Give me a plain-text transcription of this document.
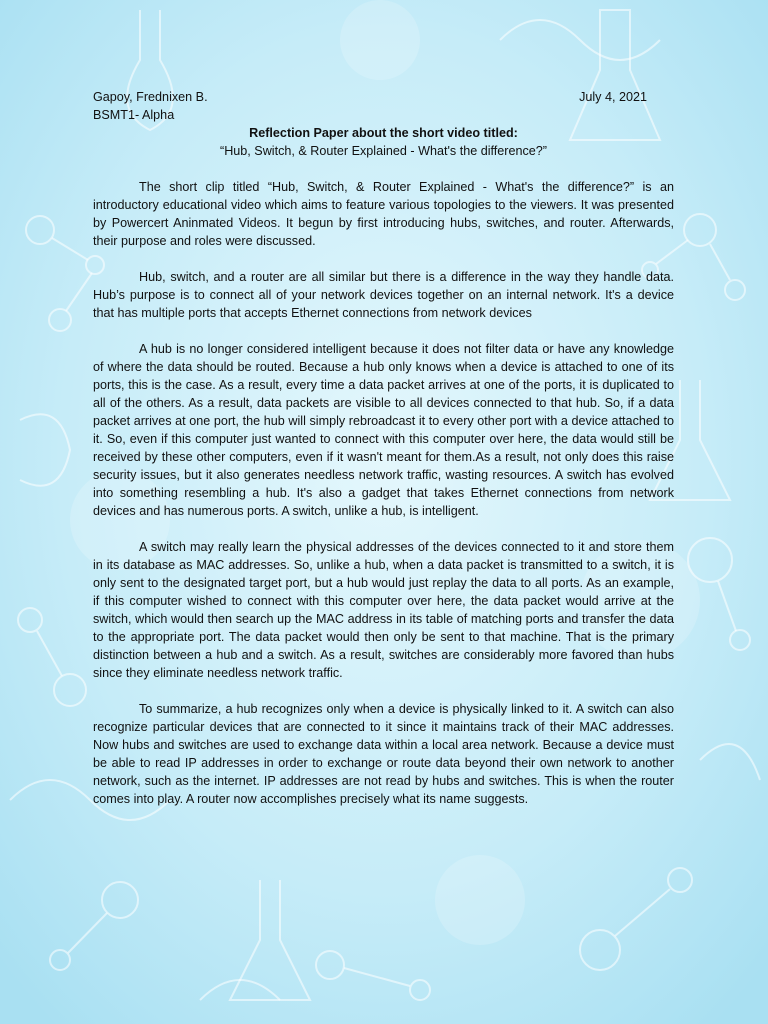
Gapoy, Frednixen B.	July 4, 2021
BSMT1- Alpha
Reflection Paper about the short video titled:
“Hub, Switch, & Router Explained - What's the difference?”

The short clip titled “Hub, Switch, & Router Explained - What's the difference?” is an introductory educational video which aims to feature various topologies to the viewers. It was presented by Powercert Aninmated Videos. It begun by first introducing hubs, switches, and router. Afterwards, their purpose and roles were discussed.

Hub, switch, and a router are all similar but there is a difference in the way they handle data. Hub’s purpose is to connect all of your network devices together on an internal network. It's a device that has multiple ports that accepts Ethernet connections from network devices

A hub is no longer considered intelligent because it does not filter data or have any knowledge of where the data should be routed. Because a hub only knows when a device is attached to one of its ports, this is the case. As a result, every time a data packet arrives at one of the ports, it is duplicated to all of the others. As a result, data packets are visible to all devices connected to that hub. So, if a data packet arrives at one port, the hub will simply rebroadcast it to every other port with a device attached to it. So, even if this computer just wanted to connect with this computer over here, the data would still be received by these other computers, even if it wasn't meant for them.As a result, not only does this raise security issues, but it also generates needless network traffic, wasting resources. A switch has evolved into something resembling a hub. It's also a gadget that takes Ethernet connections from network devices and has numerous ports. A switch, unlike a hub, is intelligent.

A switch may really learn the physical addresses of the devices connected to it and store them in its database as MAC addresses. So, unlike a hub, when a data packet is transmitted to a switch, it is only sent to the designated target port, but a hub would just replay the data to all ports. As an example, if this computer wished to connect with this computer over here, the data packet would arrive at the switch, which would then search up the MAC address in its table of matching ports and transfer the data to the appropriate port. The data packet would then only be sent to that machine. That is the primary distinction between a hub and a switch. As a result, switches are considerably more favored than hubs since they eliminate needless network traffic.

To summarize, a hub recognizes only when a device is physically linked to it. A switch can also recognize particular devices that are connected to it since it maintains track of their MAC addresses. Now hubs and switches are used to exchange data within a local area network. Because a device must be able to read IP addresses in order to exchange or route data beyond their own network to another network, such as the internet. IP addresses are not read by hubs and switches. This is when the router comes into play. A router now accomplishes precisely what its name suggests.
